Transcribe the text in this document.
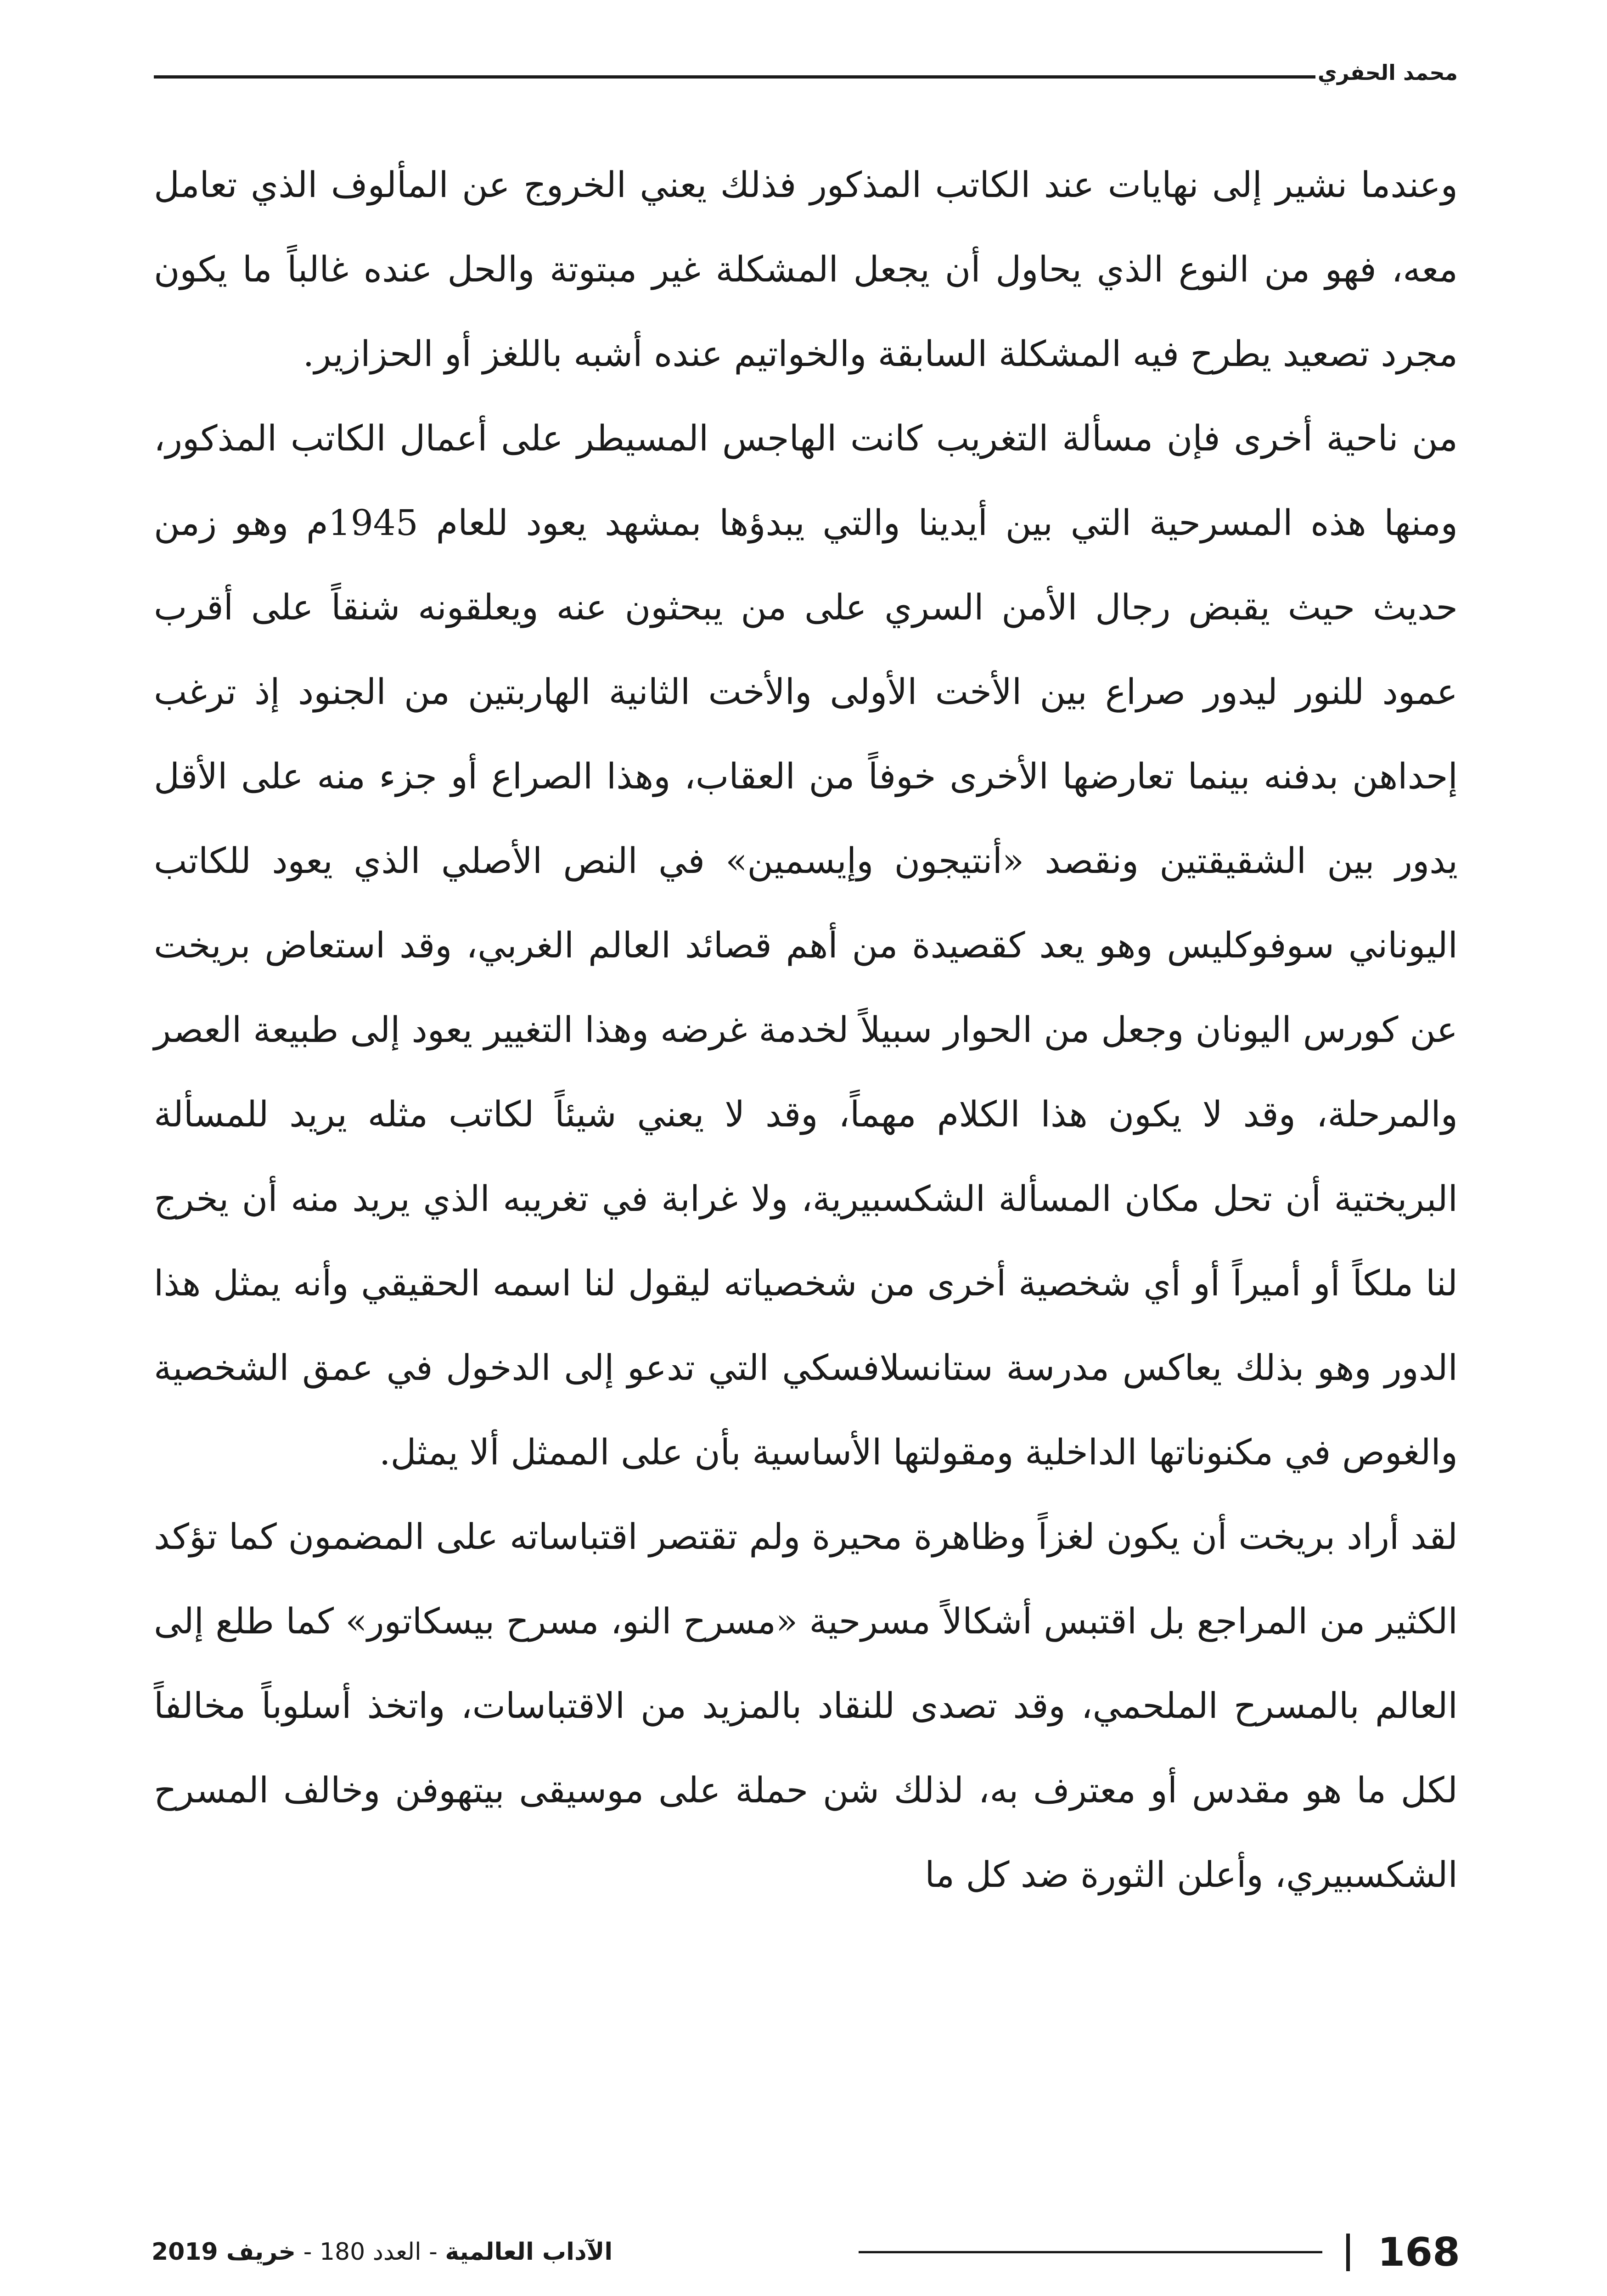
محمد الحفري

وعندما نشير إلى نهايات عند الكاتب المذكور فذلك يعني الخروج عن المألوف الذي تعامل معه، فهو من النوع الذي يحاول أن يجعل المشكلة غير مبتوتة والحل عنده غالباً ما يكون مجرد تصعيد يطرح فيه المشكلة السابقة والخواتيم عنده أشبه باللغز أو الحزازير.

من ناحية أخرى فإن مسألة التغريب كانت الهاجس المسيطر على أعمال الكاتب المذكور، ومنها هذه المسرحية التي بين أيدينا والتي يبدؤها بمشهد يعود للعام 1945م وهو زمن حديث حيث يقبض رجال الأمن السري على من يبحثون عنه ويعلقونه شنقاً على أقرب عمود للنور ليدور صراع بين الأخت الأولى والأخت الثانية الهاربتين من الجنود إذ ترغب إحداهن بدفنه بينما تعارضها الأخرى خوفاً من العقاب، وهذا الصراع أو جزء منه على الأقل يدور بين الشقيقتين ونقصد «أنتيجون وإيسمين» في النص الأصلي الذي يعود للكاتب اليوناني سوفوكليس وهو يعد كقصيدة من أهم قصائد العالم الغربي، وقد استعاض بريخت عن كورس اليونان وجعل من الحوار سبيلاً لخدمة غرضه وهذا التغيير يعود إلى طبيعة العصر والمرحلة، وقد لا يكون هذا الكلام مهماً، وقد لا يعني شيئاً لكاتب مثله يريد للمسألة البريختية أن تحل مكان المسألة الشكسبيرية، ولا غرابة في تغريبه الذي يريد منه أن يخرج لنا ملكاً أو أميراً أو أي شخصية أخرى من شخصياته ليقول لنا اسمه الحقيقي وأنه يمثل هذا الدور وهو بذلك يعاكس مدرسة ستانسلافسكي التي تدعو إلى الدخول في عمق الشخصية والغوص في مكنوناتها الداخلية ومقولتها الأساسية بأن على الممثل ألا يمثل.

لقد أراد بريخت أن يكون لغزاً وظاهرة محيرة ولم تقتصر اقتباساته على المضمون كما تؤكد الكثير من المراجع بل اقتبس أشكالاً مسرحية «مسرح النو، مسرح بيسكاتور» كما طلع إلى العالم بالمسرح الملحمي، وقد تصدى للنقاد بالمزيد من الاقتباسات، واتخذ أسلوباً مخالفاً لكل ما هو مقدس أو معترف به، لذلك شن حملة على موسيقى بيتهوفن وخالف المسرح الشكسبيري، وأعلن الثورة ضد كل ما

168
الآداب العالمية - العدد 180 - خريف 2019
